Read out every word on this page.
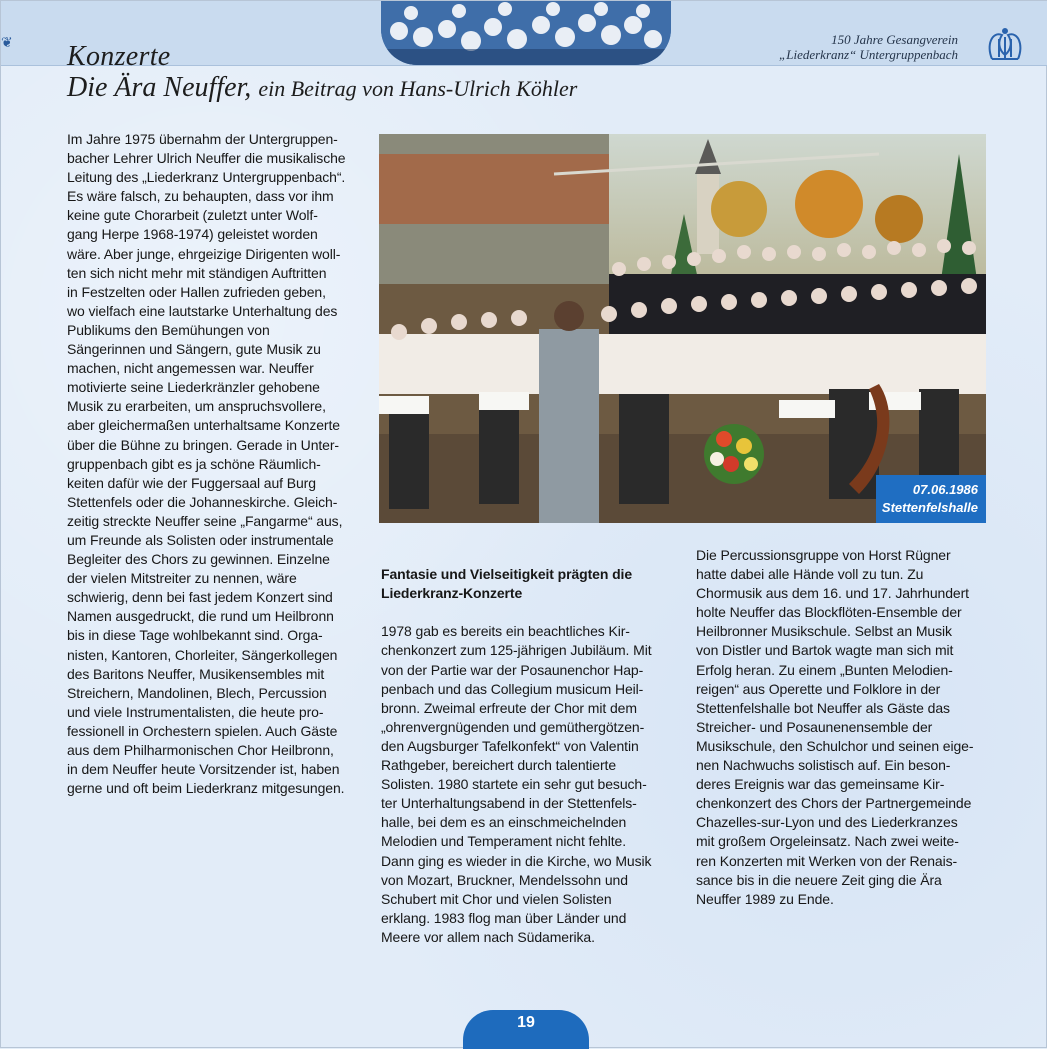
❦	150 Jahre Gesangverein
„Liederkranz“ Untergruppenbach
Konzerte
Die Ära Neuffer, ein Beitrag von Hans-Ulrich Köhler
Im Jahre 1975 übernahm der Untergruppen-
bacher Lehrer Ulrich Neuffer die musikalische
Leitung des „Liederkranz Untergruppenbach“.
Es wäre falsch, zu behaupten, dass vor ihm
keine gute Chorarbeit (zuletzt unter Wolf-
gang Herpe 1968-1974) geleistet worden
wäre. Aber junge, ehrgeizige Dirigenten woll-
ten sich nicht mehr mit ständigen Auftritten
in Festzelten oder Hallen zufrieden geben,
wo vielfach eine lautstarke Unterhaltung des
Publikums den Bemühungen von
Sängerinnen und Sängern, gute Musik zu
machen, nicht angemessen war. Neuffer
motivierte seine Liederkränzler gehobene
Musik zu erarbeiten, um anspruchsvollere,
aber gleichermaßen unterhaltsame Konzerte
über die Bühne zu bringen. Gerade in Unter-
gruppenbach gibt es ja schöne Räumlich-
keiten dafür wie der Fuggersaal auf Burg
Stettenfels oder die Johanneskirche. Gleich-
zeitig streckte Neuffer seine „Fangarme“ aus,
um Freunde als Solisten oder instrumentale
Begleiter des Chors zu gewinnen. Einzelne
der vielen Mitstreiter zu nennen, wäre
schwierig, denn bei fast jedem Konzert sind
Namen ausgedruckt, die rund um Heilbronn
bis in diese Tage wohlbekannt sind. Orga-
nisten, Kantoren, Chorleiter, Sängerkollegen
des Baritons Neuffer, Musikensembles mit
Streichern, Mandolinen, Blech, Percussion
und viele Instrumentalisten, die heute pro-
fessionell in Orchestern spielen. Auch Gäste
aus dem Philharmonischen Chor Heilbronn,
in dem Neuffer heute Vorsitzender ist, haben
gerne und oft beim Liederkranz mitgesungen.
07.06.1986
Stettenfelshalle

Fantasie und Vielseitigkeit prägten die
Liederkranz-Konzerte

1978 gab es bereits ein beachtliches Kir-
chenkonzert zum 125-jährigen Jubiläum. Mit
von der Partie war der Posaunenchor Hap-
penbach und das Collegium musicum Heil-
bronn. Zweimal erfreute der Chor mit dem
„ohrenvergnügenden und gemüthergötzen-
den Augsburger Tafelkonfekt“ von Valentin
Rathgeber, bereichert durch talentierte
Solisten. 1980 startete ein sehr gut besuch-
ter Unterhaltungsabend in der Stettenfels-
halle, bei dem es an einschmeichelnden
Melodien und Temperament nicht fehlte.
Dann ging es wieder in die Kirche, wo Musik
von Mozart, Bruckner, Mendelssohn und
Schubert mit Chor und vielen Solisten
erklang. 1983 flog man über Länder und
Meere vor allem nach Südamerika.

Die Percussionsgruppe von Horst Rügner
hatte dabei alle Hände voll zu tun. Zu
Chormusik aus dem 16. und 17. Jahrhundert
holte Neuffer das Blockflöten-Ensemble der
Heilbronner Musikschule. Selbst an Musik
von Distler und Bartok wagte man sich mit
Erfolg heran. Zu einem „Bunten Melodien-
reigen“ aus Operette und Folklore in der
Stettenfelshalle bot Neuffer als Gäste das
Streicher- und Posaunenensemble der
Musikschule, den Schulchor und seinen eige-
nen Nachwuchs solistisch auf. Ein beson-
deres Ereignis war das gemeinsame Kir-
chenkonzert des Chors der Partnergemeinde
Chazelles-sur-Lyon und des Liederkranzes
mit großem Orgeleinsatz. Nach zwei weite-
ren Konzerten mit Werken von der Renais-
sance bis in die neuere Zeit ging die Ära
Neuffer 1989 zu Ende.
19
